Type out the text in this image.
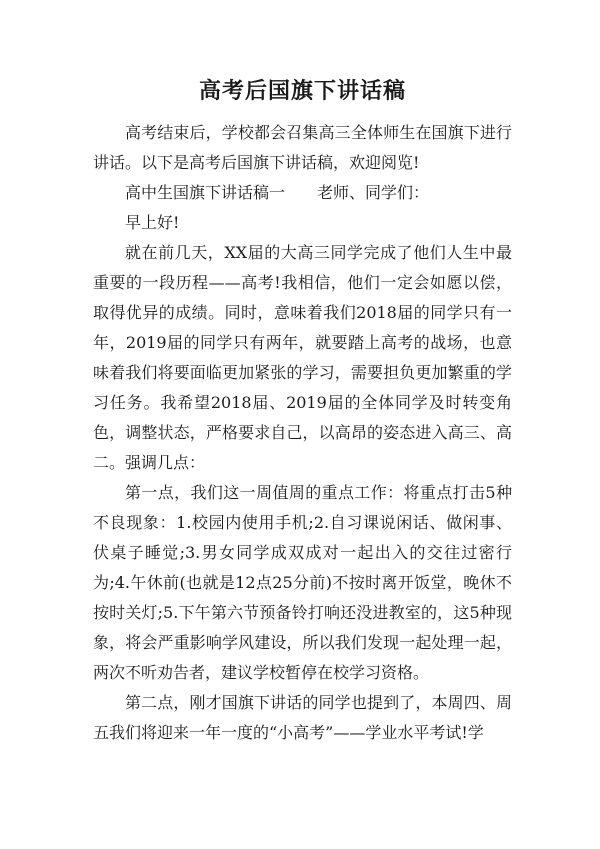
高考后国旗下讲话稿

高考结束后，学校都会召集高三全体师生在国旗下进行讲话。以下是高考后国旗下讲话稿，欢迎阅览!

高中生国旗下讲话稿一　　老师、同学们：

早上好!

就在前几天，XX届的大高三同学完成了他们人生中最重要的一段历程——高考!我相信，他们一定会如愿以偿，取得优异的成绩。同时，意味着我们2018届的同学只有一年，2019届的同学只有两年，就要踏上高考的战场，也意味着我们将要面临更加紧张的学习，需要担负更加繁重的学习任务。我希望2018届、2019届的全体同学及时转变角色，调整状态，严格要求自己，以高昂的姿态进入高三、高二。强调几点：

第一点，我们这一周值周的重点工作：将重点打击5种不良现象：1.校园内使用手机;2.自习课说闲话、做闲事、伏桌子睡觉;3.男女同学成双成对一起出入的交往过密行为;4.午休前(也就是12点25分前)不按时离开饭堂，晚休不按时关灯;5.下午第六节预备铃打响还没进教室的，这5种现象，将会严重影响学风建设，所以我们发现一起处理一起，两次不听劝告者，建议学校暂停在校学习资格。

第二点，刚才国旗下讲话的同学也提到了，本周四、周五我们将迎来一年一度的“小高考”——学业水平考试!学
